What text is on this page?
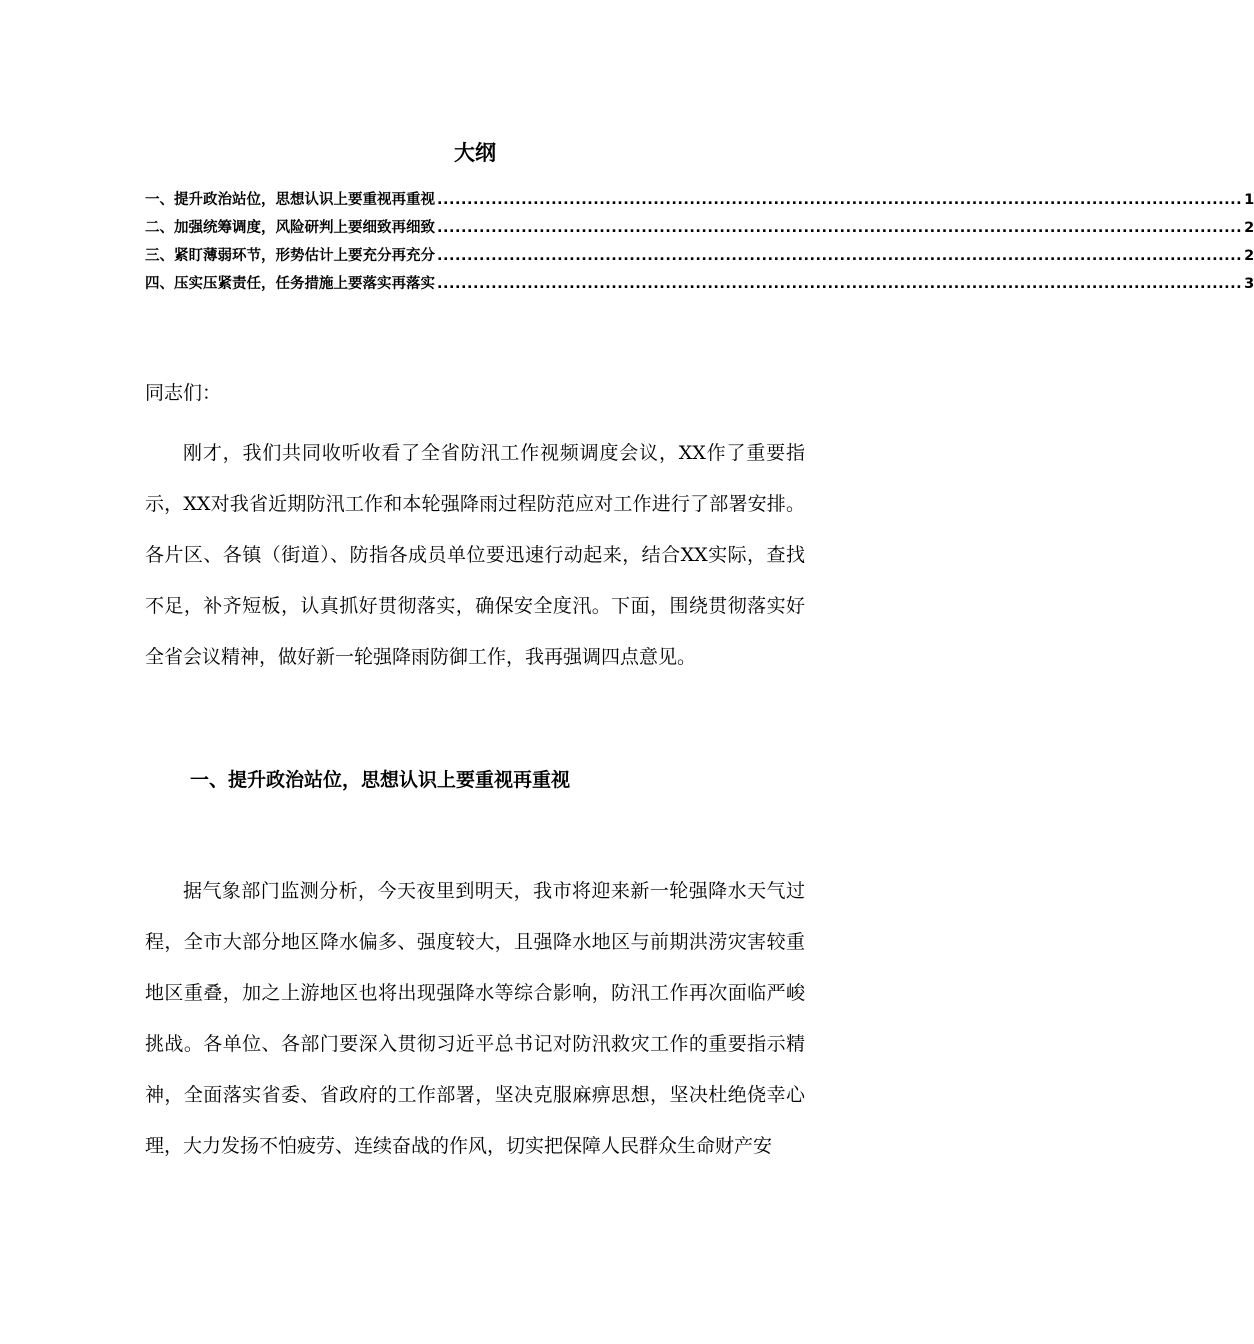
大纲
一、提升政治站位，思想认识上要重视再重视 ...................................................................................................................................... 1
二、加强统筹调度，风险研判上要细致再细致 ...................................................................................................................................... 2
三、紧盯薄弱环节，形势估计上要充分再充分 ...................................................................................................................................... 2
四、压实压紧责任，任务措施上要落实再落实 ...................................................................................................................................... 3
同志们：

刚才，我们共同收听收看了全省防汛工作视频调度会议，XX作了重要指示，XX对我省近期防汛工作和本轮强降雨过程防范应对工作进行了部署安排。各片区、各镇（街道）、防指各成员单位要迅速行动起来，结合XX实际，查找不足，补齐短板，认真抓好贯彻落实，确保安全度汛。下面，围绕贯彻落实好全省会议精神，做好新一轮强降雨防御工作，我再强调四点意见。

一、提升政治站位，思想认识上要重视再重视

据气象部门监测分析，今天夜里到明天，我市将迎来新一轮强降水天气过程，全市大部分地区降水偏多、强度较大，且强降水地区与前期洪涝灾害较重地区重叠，加之上游地区也将出现强降水等综合影响，防汛工作再次面临严峻挑战。各单位、各部门要深入贯彻习近平总书记对防汛救灾工作的重要指示精神，全面落实省委、省政府的工作部署，坚决克服麻痹思想，坚决杜绝侥幸心理，大力发扬不怕疲劳、连续奋战的作风，切实把保障人民群众生命财产安
